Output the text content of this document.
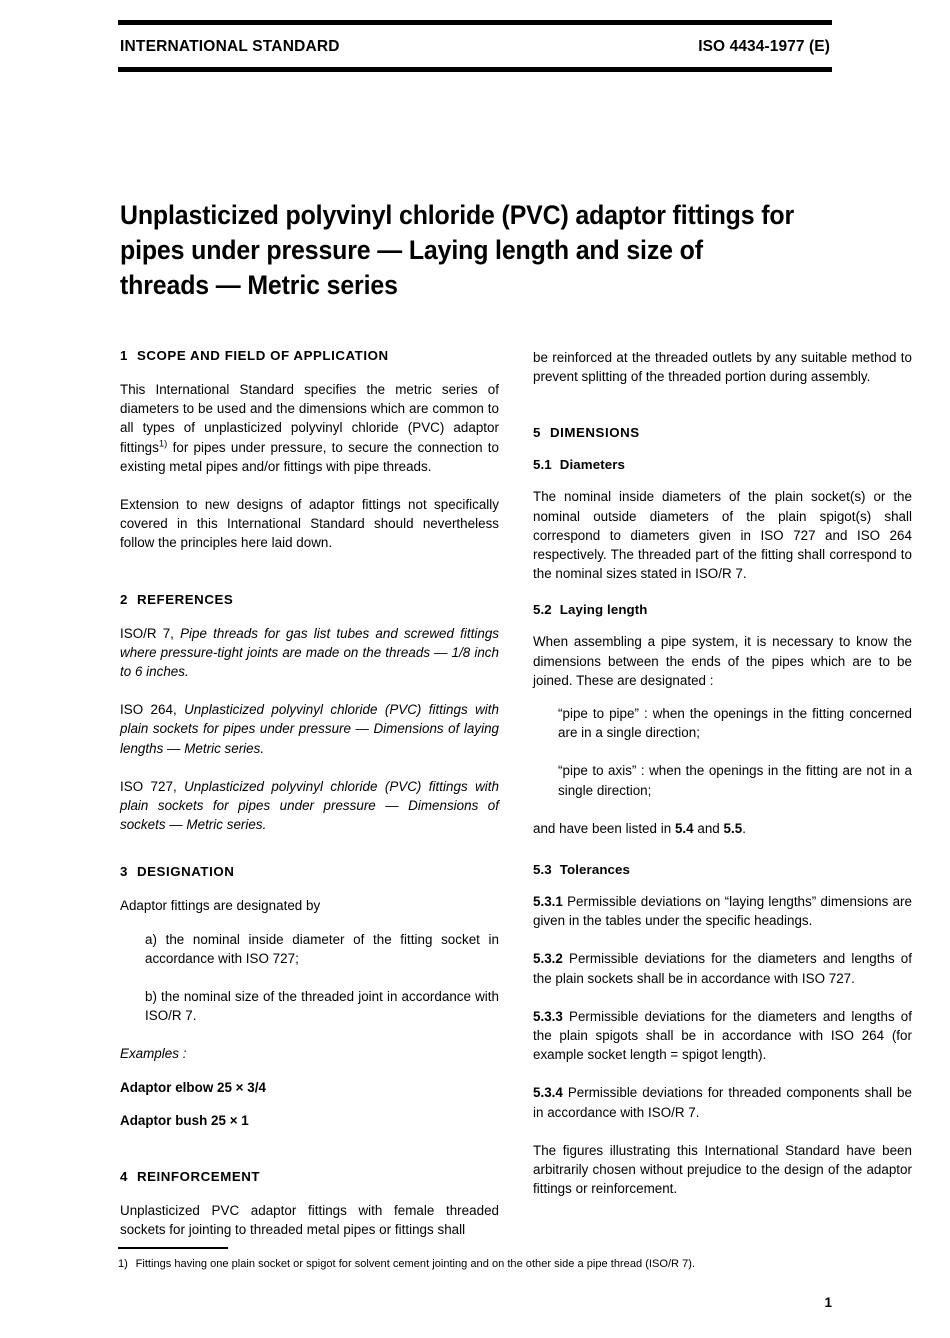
INTERNATIONAL STANDARD	ISO 4434-1977 (E)
Unplasticized polyvinyl chloride (PVC) adaptor fittings for pipes under pressure — Laying length and size of threads — Metric series
1 SCOPE AND FIELD OF APPLICATION

This International Standard specifies the metric series of diameters to be used and the dimensions which are common to all types of unplasticized polyvinyl chloride (PVC) adaptor fittings$^{1)}$ for pipes under pressure, to secure the connection to existing metal pipes and/or fittings with pipe threads.

Extension to new designs of adaptor fittings not specifically covered in this International Standard should nevertheless follow the principles here laid down.

2 REFERENCES

ISO/R 7, Pipe threads for gas list tubes and screwed fittings where pressure-tight joints are made on the threads — 1/8 inch to 6 inches.

ISO 264, Unplasticized polyvinyl chloride (PVC) fittings with plain sockets for pipes under pressure — Dimensions of laying lengths — Metric series.

ISO 727, Unplasticized polyvinyl chloride (PVC) fittings with plain sockets for pipes under pressure — Dimensions of sockets — Metric series.

3 DESIGNATION

Adaptor fittings are designated by

a) the nominal inside diameter of the fitting socket in accordance with ISO 727;

b) the nominal size of the threaded joint in accordance with ISO/R 7.

Examples :

Adaptor elbow 25 × 3/4

Adaptor bush 25 × 1

4 REINFORCEMENT

Unplasticized PVC adaptor fittings with female threaded sockets for jointing to threaded metal pipes or fittings shall

be reinforced at the threaded outlets by any suitable method to prevent splitting of the threaded portion during assembly.

5 DIMENSIONS
5.1 Diameters

The nominal inside diameters of the plain socket(s) or the nominal outside diameters of the plain spigot(s) shall correspond to diameters given in ISO 727 and ISO 264 respectively. The threaded part of the fitting shall correspond to the nominal sizes stated in ISO/R 7.

5.2 Laying length

When assembling a pipe system, it is necessary to know the dimensions between the ends of the pipes which are to be joined. These are designated :

“pipe to pipe” : when the openings in the fitting concerned are in a single direction;

“pipe to axis” : when the openings in the fitting are not in a single direction;

and have been listed in 5.4 and 5.5.

5.3 Tolerances

5.3.1 Permissible deviations on “laying lengths” dimensions are given in the tables under the specific headings.

5.3.2 Permissible deviations for the diameters and lengths of the plain sockets shall be in accordance with ISO 727.

5.3.3 Permissible deviations for the diameters and lengths of the plain spigots shall be in accordance with ISO 264 (for example socket length = spigot length).

5.3.4 Permissible deviations for threaded components shall be in accordance with ISO/R 7.

The figures illustrating this International Standard have been arbitrarily chosen without prejudice to the design of the adaptor fittings or reinforcement.

1) Fittings having one plain socket or spigot for solvent cement jointing and on the other side a pipe thread (ISO/R 7).
1
